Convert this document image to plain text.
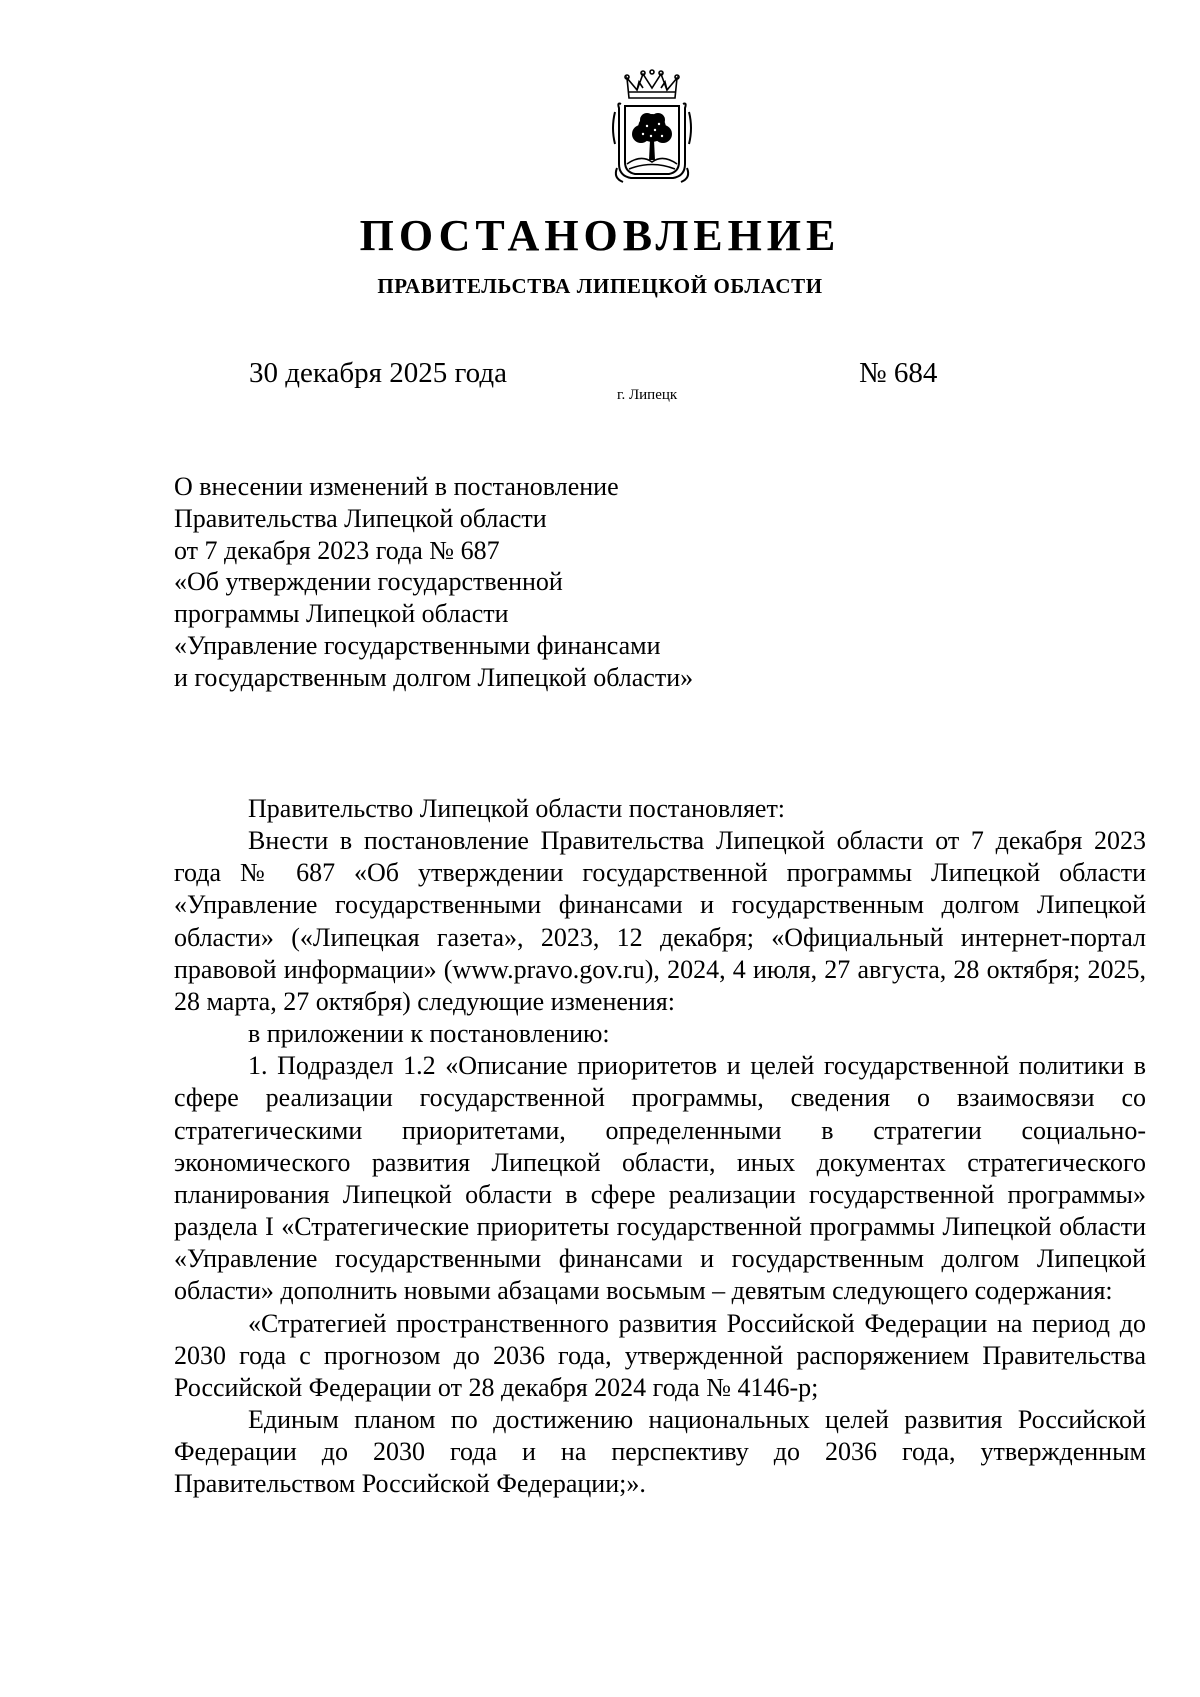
ПОСТАНОВЛЕНИЕ
ПРАВИТЕЛЬСТВА ЛИПЕЦКОЙ ОБЛАСТИ
30 декабря 2025 года
г. Липецк
№ 684
О внесении изменений в постановление
Правительства Липецкой области
от 7 декабря 2023 года № 687
«Об утверждении государственной
программы Липецкой области
«Управление государственными финансами
и государственным долгом Липецкой области»

Правительство Липецкой области постановляет:

Внести в постановление Правительства Липецкой области от 7 декабря 2023 года № 687 «Об утверждении государственной программы Липецкой области «Управление государственными финансами и государственным долгом Липецкой области» («Липецкая газета», 2023, 12 декабря; «Официальный интернет-портал правовой информации» (www.pravo.gov.ru), 2024, 4 июля, 27 августа, 28 октября; 2025, 28 марта, 27 октября) следующие изменения:

в приложении к постановлению:

1. Подраздел 1.2 «Описание приоритетов и целей государственной политики в сфере реализации государственной программы, сведения о взаимосвязи со стратегическими приоритетами, определенными в стратегии социально-экономического развития Липецкой области, иных документах стратегического планирования Липецкой области в сфере реализации государственной программы» раздела I «Стратегические приоритеты государственной программы Липецкой области «Управление государственными финансами и государственным долгом Липецкой области» дополнить новыми абзацами восьмым – девятым следующего содержания:

«Стратегией пространственного развития Российской Федерации на период до 2030 года с прогнозом до 2036 года, утвержденной распоряжением Правительства Российской Федерации от 28 декабря 2024 года № 4146-р;

Единым планом по достижению национальных целей развития Российской Федерации до 2030 года и на перспективу до 2036 года, утвержденным Правительством Российской Федерации;».
